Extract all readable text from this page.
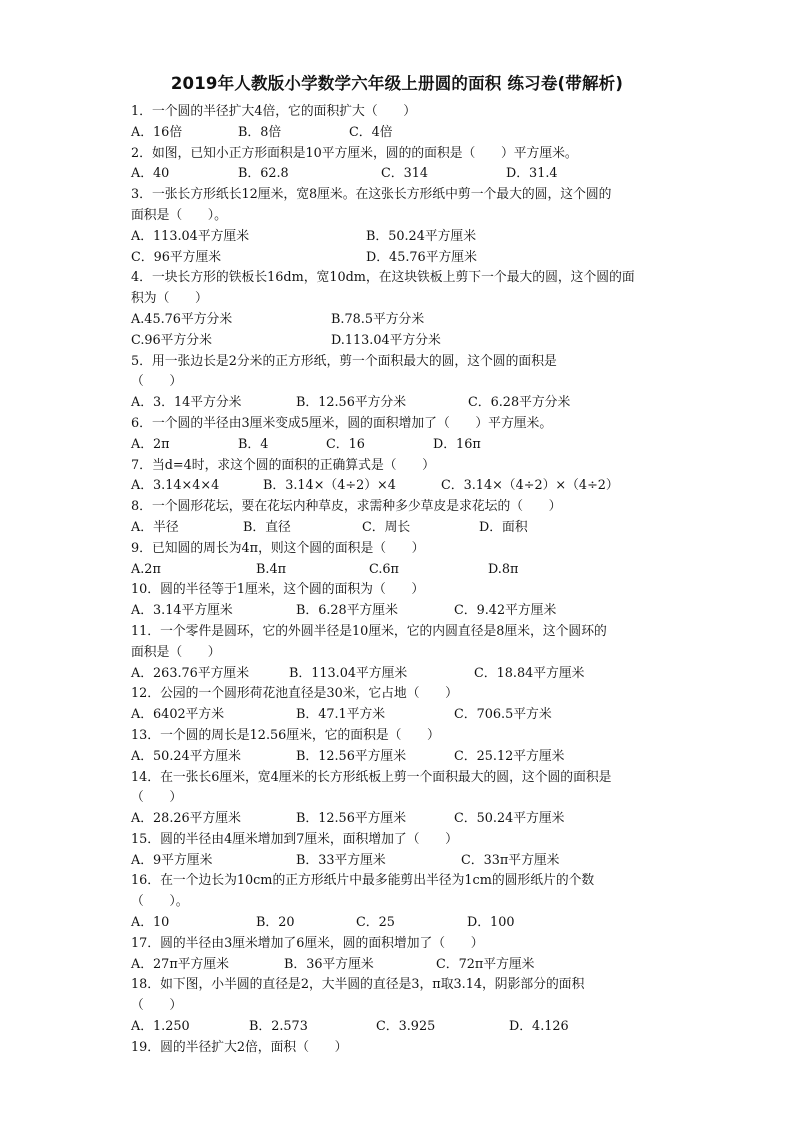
2019年人教版小学数学六年级上册圆的面积 练习卷(带解析)
1．一个圆的半径扩大4倍，它的面积扩大（　　）
A．16倍	B．8倍	C．4倍
2．如图，已知小正方形面积是10平方厘米，圆的的面积是（　　）平方厘米。
A．40	B．62.8	C．314	D．31.4
3．一张长方形纸长12厘米，宽8厘米。在这张长方形纸中剪一个最大的圆，这个圆的
面积是（　　）。
A．113.04平方厘米	B．50.24平方厘米
C．96平方厘米	D．45.76平方厘米
4．一块长方形的铁板长16dm，宽10dm，在这块铁板上剪下一个最大的圆，这个圆的面
积为（　　）
A.45.76平方分米	B.78.5平方分米
C.96平方分米	D.113.04平方分米
5．用一张边长是2分米的正方形纸，剪一个面积最大的圆，这个圆的面积是
（　　）
A．3．14平方分米	B．12.56平方分米	C．6.28平方分米
6．一个圆的半径由3厘米变成5厘米，圆的面积增加了（　　）平方厘米。
A．2π	B．4	C．16	D．16π
7．当d=4时，求这个圆的面积的正确算式是（　　）
A．3.14×4×4	B．3.14×（4÷2）×4	C．3.14×（4÷2）×（4÷2）
8．一个圆形花坛，要在花坛内种草皮，求需种多少草皮是求花坛的（　　）
A．半径	B．直径	C．周长	D．面积
9．已知圆的周长为4π，则这个圆的面积是（　　）
A.2π	B.4π	C.6π	D.8π
10．圆的半径等于1厘米，这个圆的面积为（　　）
A．3.14平方厘米	B．6.28平方厘米	C．9.42平方厘米
11．一个零件是圆环，它的外圆半径是10厘米，它的内圆直径是8厘米，这个圆环的
面积是（　　）
A．263.76平方厘米	B．113.04平方厘米	C．18.84平方厘米
12．公园的一个圆形荷花池直径是30米，它占地（　　）
A．6402平方米	B．47.1平方米	C．706.5平方米
13．一个圆的周长是12.56厘米，它的面积是（　　）
A．50.24平方厘米	B．12.56平方厘米	C．25.12平方厘米
14．在一张长6厘米，宽4厘米的长方形纸板上剪一个面积最大的圆，这个圆的面积是
（　　）
A．28.26平方厘米	B．12.56平方厘米	C．50.24平方厘米
15．圆的半径由4厘米增加到7厘米，面积增加了（　　）
A．9平方厘米	B．33平方厘米	C．33π平方厘米
16．在一个边长为10cm的正方形纸片中最多能剪出半径为1cm的圆形纸片的个数
（　　）。
A．10	B．20	C．25	D．100
17．圆的半径由3厘米增加了6厘米，圆的面积增加了（　　）
A．27π平方厘米	B．36平方厘米	C．72π平方厘米
18．如下图，小半圆的直径是2，大半圆的直径是3，π取3.14，阴影部分的面积
（　　）
A．1.250	B．2.573	C．3.925	D．4.126
19．圆的半径扩大2倍，面积（　　）
